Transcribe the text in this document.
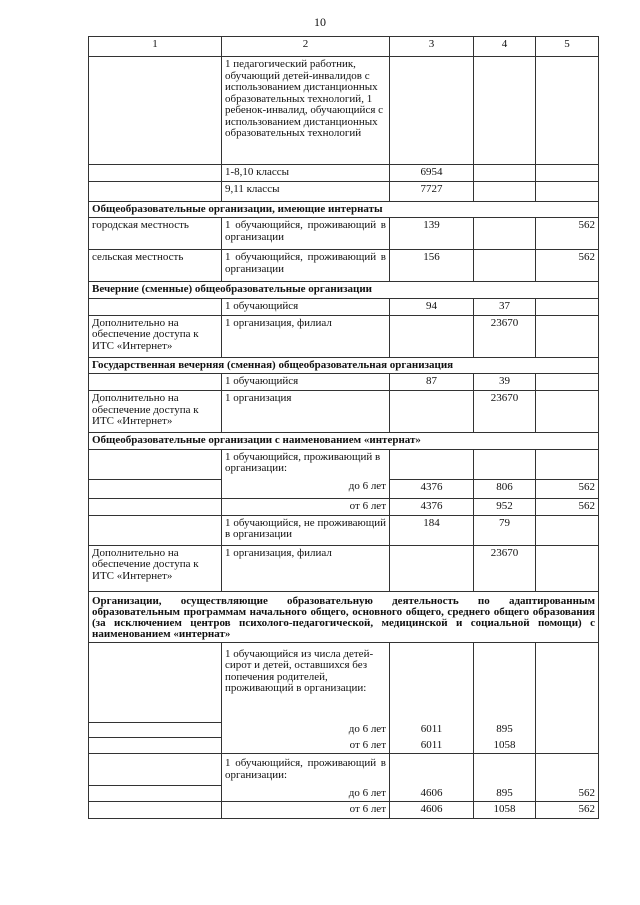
10
1	2	3	4	5
	1 педагогический работник, обучающий детей-инвалидов с использованием дистанционных образовательных технологий, 1 ребенок-инвалид, обучающийся с использованием дистанционных образовательных технологий			
	1-8,10 классы	6954		
	9,11 классы	7727		
Общеобразовательные организации, имеющие интернаты				
городская местность	1 обучающийся, проживающий в организации	139		562
сельская местность	1 обучающийся, проживающий в организации	156		562
Вечерние (сменные) общеобразовательные организации				
	1 обучающийся	94	37	
Дополнительно на обеспечение доступа к ИТС «Интернет»	1 организация, филиал		23670	
Государственная вечерняя (сменная) общеобразовательная организация				
	1 обучающийся	87	39	
Дополнительно на обеспечение доступа к ИТС «Интернет»	1 организация		23670	
Общеобразовательные организации с наименованием «интернат»				
	1 обучающийся, проживающий в организации:			
	до 6 лет	4376	806	562
	от 6 лет	4376	952	562
	1 обучающийся, не проживающий в организации	184	79	
Дополнительно на обеспечение доступа к ИТС «Интернет»	1 организация, филиал		23670	
Организации, осуществляющие образовательную деятельность по адаптированным образовательным программам начального общего, основного общего, среднего общего образования (за исключением центров психолого-педагогической, медицинской и социальной помощи) с наименованием «интернат»				
	1 обучающийся из числа детей-сирот и детей, оставшихся без попечения родителей, проживающий в организации:			
	до 6 лет	6011	895	
	от 6 лет	6011	1058	
	1 обучающийся, проживающий в организации:			
	до 6 лет	4606	895	562
	от 6 лет	4606	1058	562
